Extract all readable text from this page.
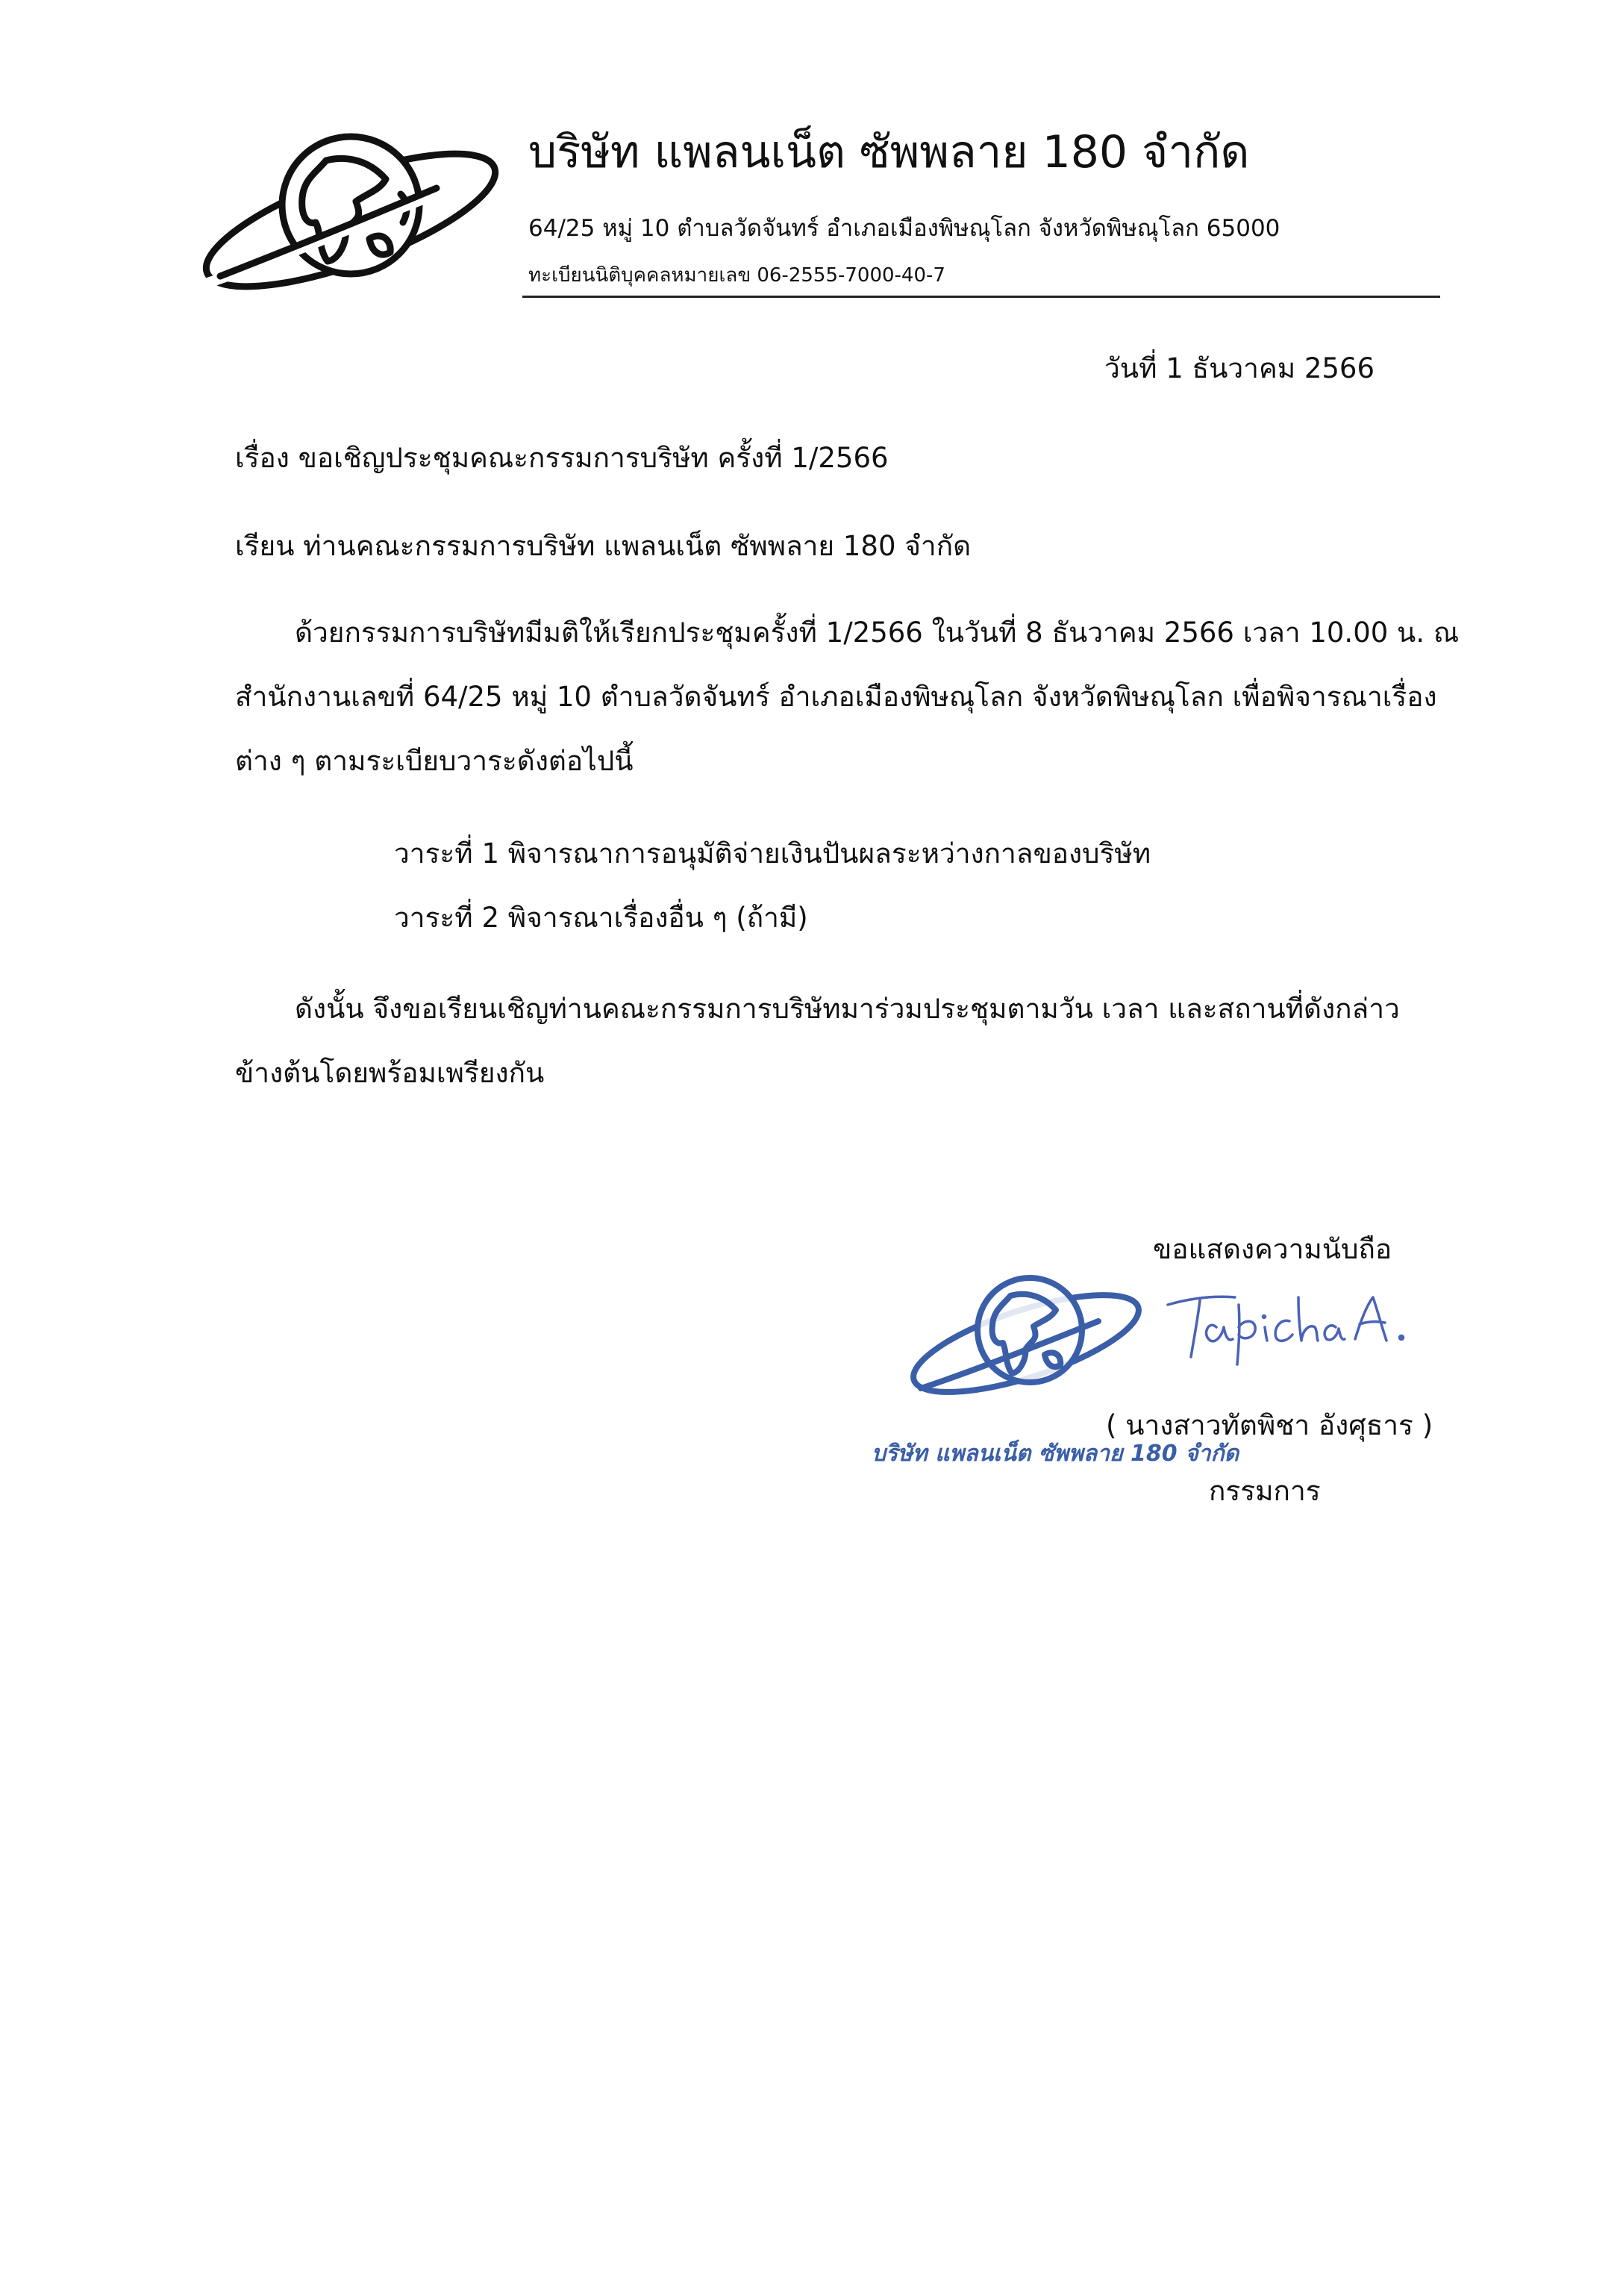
บริษัท แพลนเน็ต ซัพพลาย 180 จำกัด
64/25 หมู่ 10 ตำบลวัดจันทร์ อำเภอเมืองพิษณุโลก จังหวัดพิษณุโลก 65000
ทะเบียนนิติบุคคลหมายเลข 06-2555-7000-40-7
วันที่ 1 ธันวาคม 2566
เรื่อง ขอเชิญประชุมคณะกรรมการบริษัท ครั้งที่ 1/2566
เรียน ท่านคณะกรรมการบริษัท แพลนเน็ต ซัพพลาย 180 จำกัด
ด้วยกรรมการบริษัทมีมติให้เรียกประชุมครั้งที่ 1/2566 ในวันที่ 8 ธันวาคม 2566 เวลา 10.00 น. ณ
สำนักงานเลขที่ 64/25 หมู่ 10 ตำบลวัดจันทร์ อำเภอเมืองพิษณุโลก จังหวัดพิษณุโลก เพื่อพิจารณาเรื่อง
ต่าง ๆ ตามระเบียบวาระดังต่อไปนี้
วาระที่ 1 พิจารณาการอนุมัติจ่ายเงินปันผลระหว่างกาลของบริษัท
วาระที่ 2 พิจารณาเรื่องอื่น ๆ (ถ้ามี)
ดังนั้น จึงขอเรียนเชิญท่านคณะกรรมการบริษัทมาร่วมประชุมตามวัน เวลา และสถานที่ดังกล่าว
ข้างต้นโดยพร้อมเพรียงกัน
ขอแสดงความนับถือ
( นางสาวทัตพิชา อังศุธาร )
บริษัท แพลนเน็ต ซัพพลาย 180 จำกัด
กรรมการ
